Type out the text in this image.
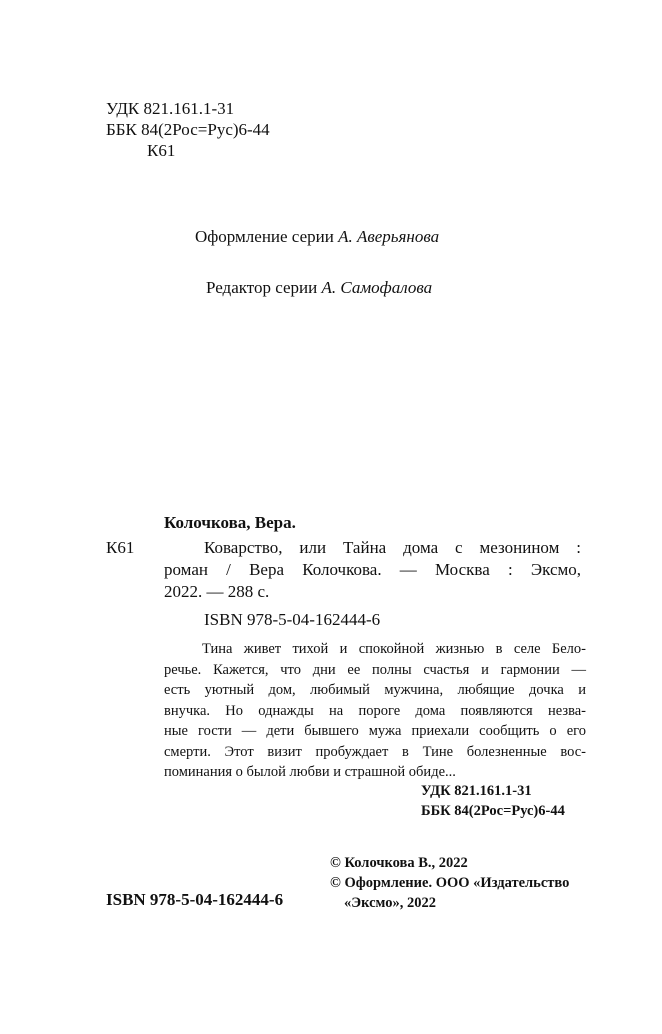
УДК 821.161.1-31
ББК 84(2Рос=Рус)6-44
К61
Оформление серии А. Аверьянова
Редактор серии А. Самофалова
Колочкова, Вера.
К61	Коварство, или Тайна дома с мезонином :
роман / Вера Колочкова. — Москва : Эксмо,
2022. — 288 с.
ISBN 978-5-04-162444-6
Тина живет тихой и спокойной жизнью в селе Бело-
речье. Кажется, что дни ее полны счастья и гармонии —
есть уютный дом, любимый мужчина, любящие дочка и
внучка. Но однажды на пороге дома появляются незва-
ные гости — дети бывшего мужа приехали сообщить о его
смерти. Этот визит пробуждает в Тине болезненные вос-
поминания о былой любви и страшной обиде...
УДК 821.161.1-31
ББК 84(2Рос=Рус)6-44
© Колочкова В., 2022
© Оформление. ООО «Издательство
ISBN 978-5-04-162444-6	«Эксмо», 2022
